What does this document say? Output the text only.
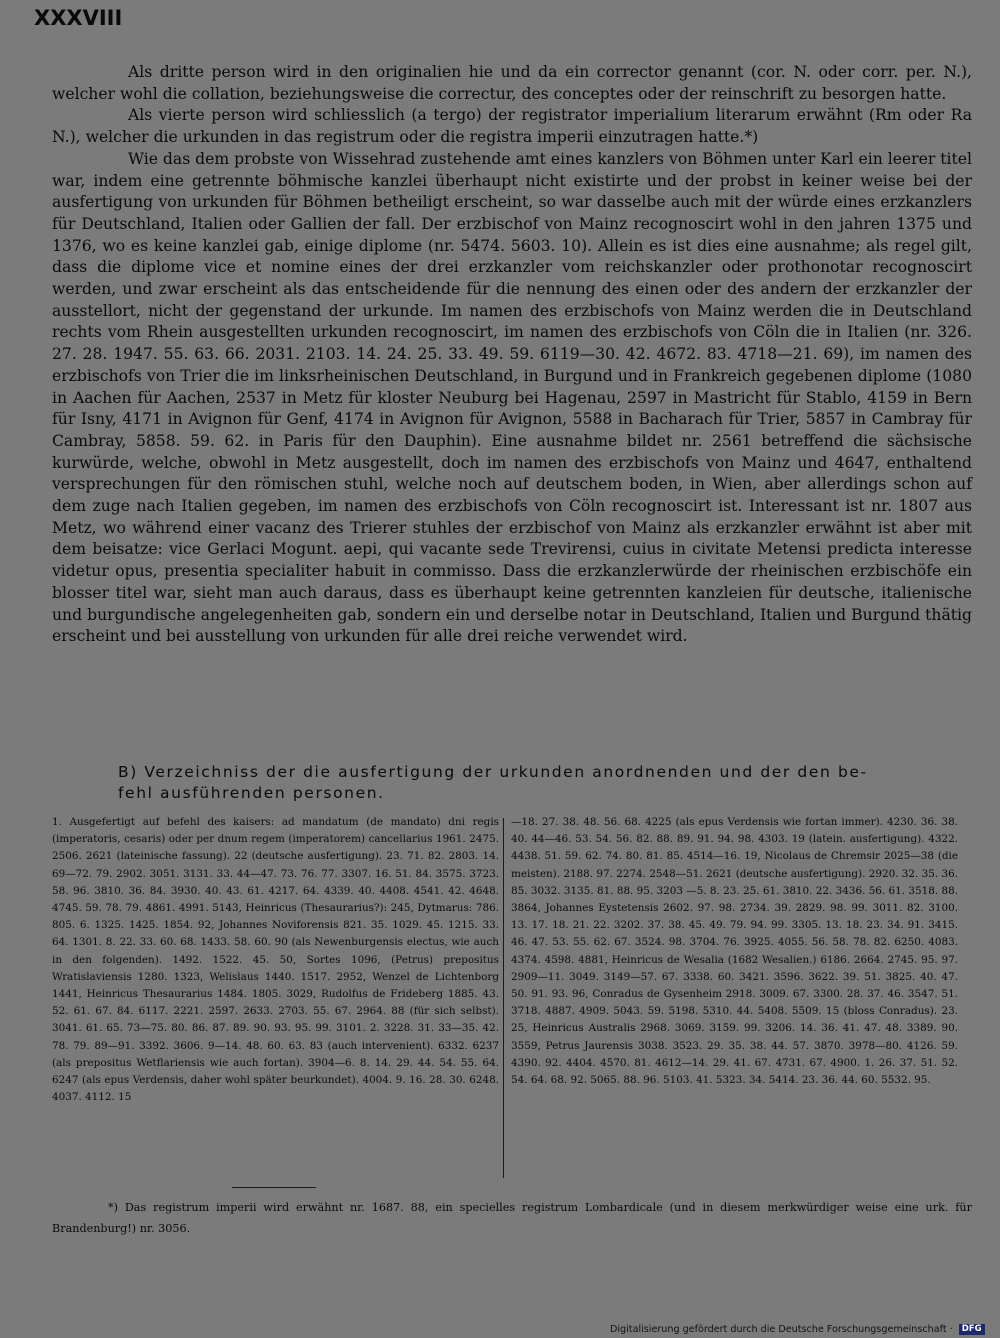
XXXVIII

Als dritte person wird in den originalien hie und da ein corrector genannt (cor. N. oder corr. per. N.), welcher wohl die collation, beziehungsweise die correctur, des conceptes oder der reinschrift zu besorgen hatte.

Als vierte person wird schliesslich (a tergo) der registrator imperialium literarum erwähnt (Rm oder Ra N.), welcher die urkunden in das registrum oder die registra imperii einzutragen hatte.*)

Wie das dem probste von Wissehrad zustehende amt eines kanzlers von Böhmen unter Karl ein leerer titel war, indem eine getrennte böhmische kanzlei überhaupt nicht existirte und der probst in keiner weise bei der ausfertigung von urkunden für Böhmen betheiligt erscheint, so war dasselbe auch mit der würde eines erzkanzlers für Deutschland, Italien oder Gallien der fall. Der erzbischof von Mainz recognoscirt wohl in den jahren 1375 und 1376, wo es keine kanzlei gab, einige diplome (nr. 5474. 5603. 10). Allein es ist dies eine ausnahme; als regel gilt, dass die diplome vice et nomine eines der drei erzkanzler vom reichskanzler oder prothonotar recognoscirt werden, und zwar erscheint als das entscheidende für die nennung des einen oder des andern der erzkanzler der ausstellort, nicht der gegenstand der urkunde. Im namen des erzbischofs von Mainz werden die in Deutschland rechts vom Rhein ausgestellten urkunden recognoscirt, im namen des erzbischofs von Cöln die in Italien (nr. 326. 27. 28. 1947. 55. 63. 66. 2031. 2103. 14. 24. 25. 33. 49. 59. 6119—30. 42. 4672. 83. 4718—21. 69), im namen des erzbischofs von Trier die im linksrheinischen Deutschland, in Burgund und in Frankreich gegebenen diplome (1080 in Aachen für Aachen, 2537 in Metz für kloster Neuburg bei Hagenau, 2597 in Mastricht für Stablo, 4159 in Bern für Isny, 4171 in Avignon für Genf, 4174 in Avignon für Avignon, 5588 in Bacharach für Trier, 5857 in Cambray für Cambray, 5858. 59. 62. in Paris für den Dauphin). Eine ausnahme bildet nr. 2561 betreffend die sächsische kurwürde, welche, obwohl in Metz ausgestellt, doch im namen des erzbischofs von Mainz und 4647, enthaltend versprechungen für den römischen stuhl, welche noch auf deutschem boden, in Wien, aber allerdings schon auf dem zuge nach Italien gegeben, im namen des erzbischofs von Cöln recognoscirt ist. Interessant ist nr. 1807 aus Metz, wo während einer vacanz des Trierer stuhles der erzbischof von Mainz als erzkanzler erwähnt ist aber mit dem beisatze: vice Gerlaci Mogunt. aepi, qui vacante sede Trevirensi, cuius in civitate Metensi predicta interesse videtur opus, presentia specialiter habuit in commisso. Dass die erzkanzlerwürde der rheinischen erzbischöfe ein blosser titel war, sieht man auch daraus, dass es überhaupt keine getrennten kanzleien für deutsche, italienische und burgundische angelegenheiten gab, sondern ein und derselbe notar in Deutschland, Italien und Burgund thätig erscheint und bei ausstellung von urkunden für alle drei reiche verwendet wird.

B) Verzeichniss der die ausfertigung der urkunden anordnenden und der den be-
fehl ausführenden personen.
1. Ausgefertigt auf befehl des kaisers: ad mandatum (de mandato) dni regis (imperatoris, cesaris) oder per dnum regem (imperatorem) cancellarius 1961. 2475. 2506. 2621 (lateinische fassung). 22 (deutsche ausfertigung). 23. 71. 82. 2803. 14. 69—72. 79. 2902. 3051. 3131. 33. 44—47. 73. 76. 77. 3307. 16. 51. 84. 3575. 3723. 58. 96. 3810. 36. 84. 3930. 40. 43. 61. 4217. 64. 4339. 40. 4408. 4541. 42. 4648. 4745. 59. 78. 79. 4861. 4991. 5143, Heinricus (Thesaurarius?): 245, Dytmarus: 786. 805. 6. 1325. 1425. 1854. 92, Johannes Noviforensis 821. 35. 1029. 45. 1215. 33. 64. 1301. 8. 22. 33. 60. 68. 1433. 58. 60. 90 (als Newenburgensis electus, wie auch in den folgenden). 1492. 1522. 45. 50, Sortes 1096, (Petrus) prepositus Wratislaviensis 1280. 1323, Welislaus 1440. 1517. 2952, Wenzel de Lichtenborg 1441, Heinricus Thesaurarius 1484. 1805. 3029, Rudolfus de Frideberg 1885. 43. 52. 61. 67. 84. 6117. 2221. 2597. 2633. 2703. 55. 67. 2964. 88 (für sich selbst). 3041. 61. 65. 73—75. 80. 86. 87. 89. 90. 93. 95. 99. 3101. 2. 3228. 31. 33—35. 42. 78. 79. 89—91. 3392. 3606. 9—14. 48. 60. 63. 83 (auch intervenient). 6332. 6237 (als prepositus Wetflariensis wie auch fortan). 3904—6. 8. 14. 29. 44. 54. 55. 64. 6247 (als epus Verdensis, daher wohl später beurkundet). 4004. 9. 16. 28. 30. 6248. 4037. 4112. 15
—18. 27. 38. 48. 56. 68. 4225 (als epus Verdensis wie fortan immer). 4230. 36. 38. 40. 44—46. 53. 54. 56. 82. 88. 89. 91. 94. 98. 4303. 19 (latein. ausfertigung). 4322. 4438. 51. 59. 62. 74. 80. 81. 85. 4514—16. 19, Nicolaus de Chremsir 2025—38 (die meisten). 2188. 97. 2274. 2548—51. 2621 (deutsche ausfertigung). 2920. 32. 35. 36. 85. 3032. 3135. 81. 88. 95. 3203 —5. 8. 23. 25. 61. 3810. 22. 3436. 56. 61. 3518. 88. 3864, Johannes Eystetensis 2602. 97. 98. 2734. 39. 2829. 98. 99. 3011. 82. 3100. 13. 17. 18. 21. 22. 3202. 37. 38. 45. 49. 79. 94. 99. 3305. 13. 18. 23. 34. 91. 3415. 46. 47. 53. 55. 62. 67. 3524. 98. 3704. 76. 3925. 4055. 56. 58. 78. 82. 6250. 4083. 4374. 4598. 4881, Heinricus de Wesalia (1682 Wesalien.) 6186. 2664. 2745. 95. 97. 2909—11. 3049. 3149—57. 67. 3338. 60. 3421. 3596. 3622. 39. 51. 3825. 40. 47. 50. 91. 93. 96, Conradus de Gysenheim 2918. 3009. 67. 3300. 28. 37. 46. 3547. 51. 3718. 4887. 4909. 5043. 59. 5198. 5310. 44. 5408. 5509. 15 (bloss Conradus). 23. 25, Heinricus Australis 2968. 3069. 3159. 99. 3206. 14. 36. 41. 47. 48. 3389. 90. 3559, Petrus Jaurensis 3038. 3523. 29. 35. 38. 44. 57. 3870. 3978—80. 4126. 59. 4390. 92. 4404. 4570. 81. 4612—14. 29. 41. 67. 4731. 67. 4900. 1. 26. 37. 51. 52. 54. 64. 68. 92. 5065. 88. 96. 5103. 41. 5323. 34. 5414. 23. 36. 44. 60. 5532. 95.
*) Das registrum imperii wird erwähnt nr. 1687. 88, ein specielles registrum Lombardicale (und in diesem merkwürdiger weise eine urk. für Brandenburg!) nr. 3056.
Digitalisierung gefördert durch die Deutsche Forschungsgemeinschaft · DFG
